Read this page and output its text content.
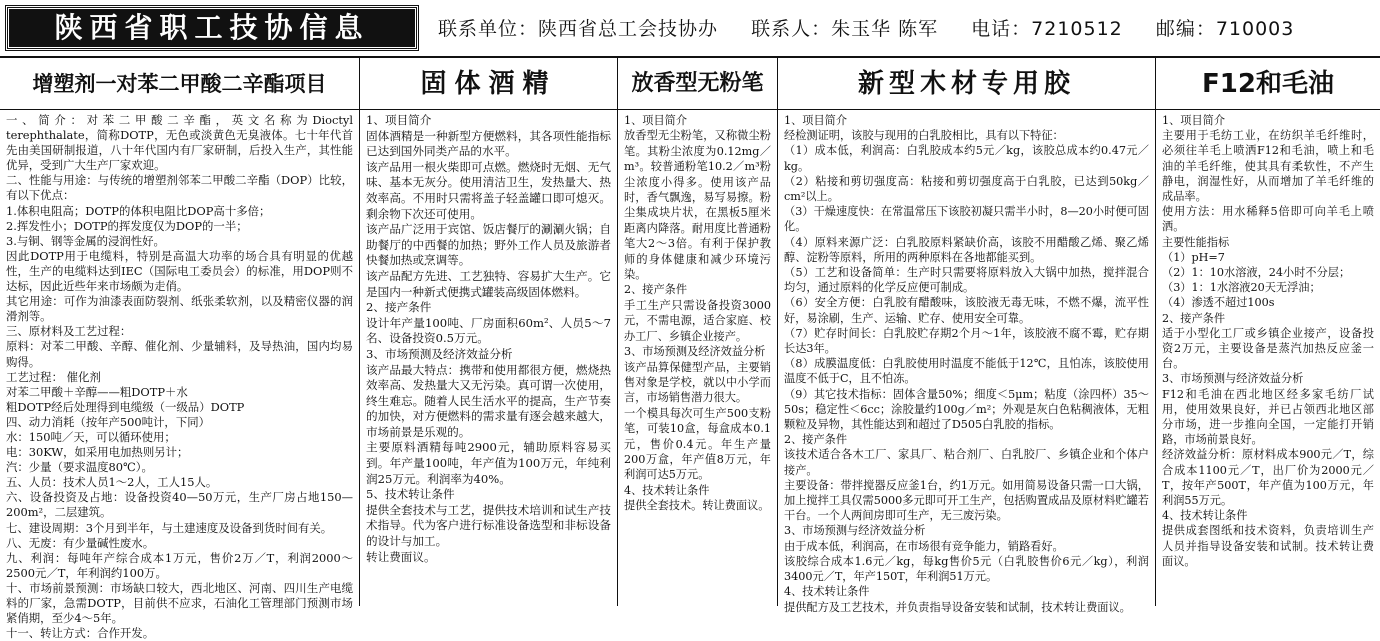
陕西省职工技协信息	联系单位：陕西省总工会技协办 联系人：朱玉华 陈军 电话：7210512 邮编：710003
增塑剂一对苯二甲酸二辛酯项目

一、简介：对苯二甲酸二辛酯，英文名称为Dioctyl terephthalate，简称DOTP，无色或淡黄色无臭液体。七十年代首先由美国研制报道，八十年代国内有厂家研制，后投入生产，其性能优异，受到广大生产厂家欢迎。

二、性能与用途：与传统的增塑剂邻苯二甲酸二辛酯（DOP）比较，有以下优点：

1.体积电阻高；DOTP的体积电阻比DOP高十多倍；

2.挥发性小；DOTP的挥发度仅为DOP的一半；

3.与铜、钢等金属的浸润性好。

因此DOTP用于电缆料，特别是高温大功率的场合具有明显的优越性，生产的电缆料达到IEC（国际电工委员会）的标准，用DOP则不达标，因此近些年来市场颇为走俏。

其它用途：可作为油漆表面防裂剂、纸张柔软剂，以及精密仪器的润滑剂等。

三、原材料及工艺过程：

原料：对苯二甲酸、辛醇、催化剂、少量辅料，及导热油，国内均易购得。

工艺过程： 催化剂

对苯二甲酸＋辛醇——粗DOTP＋水

粗DOTP经后处理得到电缆级（一级品）DOTP

四、动力消耗（按年产500吨计，下同）

水：150吨／天，可以循环使用；

电：30KW，如采用电加热则另计；

汽：少量（要求温度80℃）。

五、人员：技术人员1～2人，工人15人。

六、设备投资及占地：设备投资40—50万元，生产厂房占地150—200m²，二层建筑。

七、建设周期：3个月到半年，与土建速度及设备到货时间有关。

八、无废：有少量碱性废水。

九、利润：每吨年产综合成本1万元，售价2万／T，利润2000～2500元／T，年利润约100万。

十、市场前景预测：市场缺口较大，西北地区、河南、四川生产电缆料的厂家，急需DOTP，目前供不应求，石油化工管理部门预测市场紧俏期，至少4～5年。

十一、转让方式：合作开发。

固体酒精

1、项目简介

固体酒精是一种新型方便燃料，其各项性能指标已达到国外同类产品的水平。

该产品用一根火柴即可点燃。燃烧时无烟、无气味、基本无灰分。使用清洁卫生，发热量大、热效率高。不用时只需将盖子轻盖罐口即可熄灭。剩余物下次还可使用。

该产品广泛用于宾馆、饭店餐厅的涮涮火锅；自助餐厅的中西餐的加热；野外工作人员及旅游者快餐加热或烹调等。

该产品配方先进、工艺独特、容易扩大生产。它是国内一种新式便携式罐装高级固体燃料。

2、接产条件

设计年产量100吨、厂房面积60m²、人员5～7名、设备投资0.5万元。

3、市场预测及经济效益分析

该产品最大特点：携带和使用都很方便，燃烧热效率高、发热量大又无污染。真可谓一次使用，终生难忘。随着人民生活水平的提高，生产节奏的加快，对方便燃料的需求量有逐会越来越大，市场前景是乐观的。

主要原料酒精每吨2900元，辅助原料容易买到。年产量100吨，年产值为100万元，年纯利润25万元。利润率为40%。

5、技术转让条件

提供全套技术与工艺，提供技术培训和试生产技术指导。代为客户进行标准设备选型和非标设备的设计与加工。

转让费面议。

放香型无粉笔

1、项目简介

放香型无尘粉笔，又称微尘粉笔。其粉尘浓度为0.12mg／m³。较普通粉笔10.2／m³粉尘浓度小得多。使用该产品时，香气飘逸，易写易擦。粉尘集成块片状，在黑板5厘米距离内降落。耐用度比普通粉笔大2～3倍。有利于保护教师的身体健康和减少环境污染。

2、接产条件

手工生产只需设备投资3000元，不需电源，适合家庭、校办工厂、乡镇企业接产。

3、市场预测及经济效益分析

该产品算保健型产品，主要销售对象是学校，就以中小学而言，市场销售潜力很大。

一个模具每次可生产500支粉笔，可装10盒，每盒成本0.1元，售价0.4元。年生产量200万盒，年产值8万元，年利润可达5万元。

4、技术转让条件

提供全套技术。转让费面议。

新型木材专用胶

1、项目简介

经检测证明，该胶与现用的白乳胶相比，具有以下特征：

（1）成本低，利润高：白乳胶成本约5元／kg，该胶总成本约0.47元／kg。

（2）粘接和剪切强度高：粘接和剪切强度高于白乳胶，已达到50kg／cm²以上。

（3）干燥速度快：在常温常压下该胶初凝只需半小时，8—20小时便可固化。

（4）原料来源广泛：白乳胶原料紧缺价高，该胶不用醋酸乙烯、聚乙烯醇、淀粉等原料，所用的两种原料在各地都能买到。

（5）工艺和设备简单：生产时只需要将原料放入大锅中加热，搅拌混合均匀，通过原料的化学反应便可制成。

（6）安全方便：白乳胶有醋酸味，该胶液无毒无味，不燃不爆，流平性好，易涂刷，生产、运输、贮存、使用安全可靠。

（7）贮存时间长：白乳胶贮存期2个月～1年，该胶液不腐不霉，贮存期长达3年。

（8）成膜温度低：白乳胶使用时温度不能低于12℃，且怕冻，该胶使用温度不低于C，且不怕冻。

（9）其它技术指标：固体含量50%；细度＜5μm；粘度（涂四杯）35～50s；稳定性＜6cc；涂胶量约100g／m²；外观是灰白色粘稠液体，无粗颗粒及异物，其性能达到和超过了D505白乳胶的指标。

2、接产条件

该技术适合各木工厂、家具厂、粘合剂厂、白乳胶厂、乡镇企业和个体户接产。

主要设备：带拌搅器反应釜1台，约1万元。如用简易设备只需一口大锅，加上搅拌工具仅需5000多元即可开工生产，包括购置成品及原材料贮罐若干台。一个人两间房即可生产，无三废污染。

3、市场预测与经济效益分析

由于成本低，利润高，在市场很有竞争能力，销路看好。

该胶综合成本1.6元／kg，每kg售价5元（白乳胶售价6元／kg），利润3400元／T，年产150T，年利润51万元。

4、技术转让条件

提供配方及工艺技术，并负责指导设备安装和试制，技术转让费面议。

F12和毛油

1、项目简介

主要用于毛纺工业，在纺织羊毛纤维时，必须往羊毛上喷洒F12和毛油，喷上和毛油的羊毛纤维，使其具有柔软性，不产生静电，润湿性好，从而增加了羊毛纤维的成品率。

使用方法：用水稀释5倍即可向羊毛上喷洒。

主要性能指标

（1）pH=7

（2）1：10水溶液，24小时不分层；

（3）1：1水溶液20天无浮油；

（4）渗透不超过100s

2、接产条件

适于小型化工厂或乡镇企业接产，设备投资2万元，主要设备是蒸汽加热反应釜一台。

3、市场预测与经济效益分析

F12和毛油在西北地区经多家毛纺厂试用，使用效果良好，并已占领西北地区部分市场，进一步推向全国，一定能打开销路，市场前景良好。

经济效益分析：原材料成本900元／T，综合成本1100元／T，出厂价为2000元／T，按年产500T，年产值为100万元，年利润55万元。

4、技术转让条件

提供成套图纸和技术资料，负责培训生产人员并指导设备安装和试制。技术转让费面议。
